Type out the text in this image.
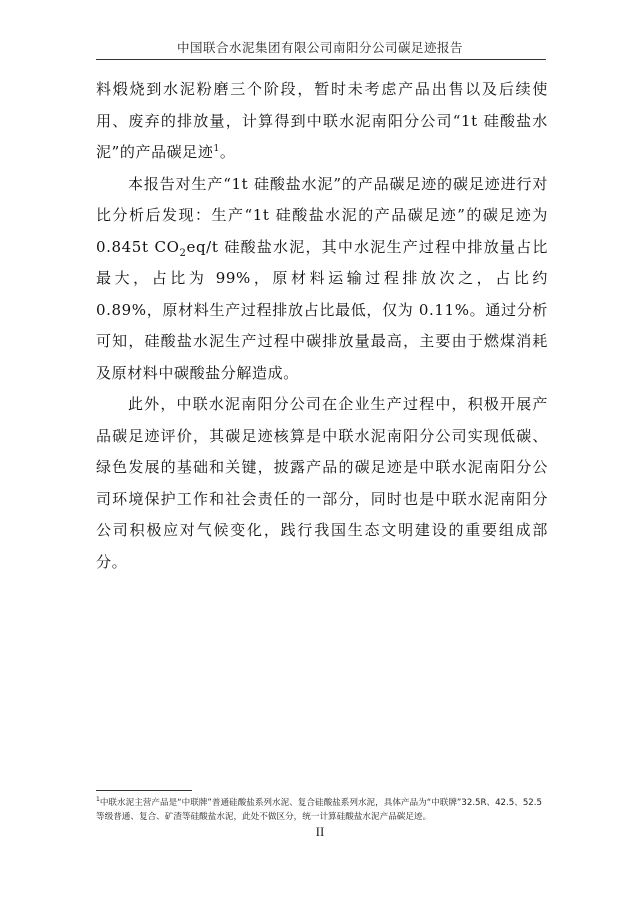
中国联合水泥集团有限公司南阳分公司碳足迹报告

料煅烧到水泥粉磨三个阶段，暂时未考虑产品出售以及后续使用、废弃的排放量，计算得到中联水泥南阳分公司“1t 硅酸盐水泥”的产品碳足迹$^1$。

本报告对生产“1t 硅酸盐水泥”的产品碳足迹的碳足迹进行对比分析后发现：生产“1t 硅酸盐水泥的产品碳足迹”的碳足迹为 0.845t $CO_2eq/t$ 硅酸盐水泥，其中水泥生产过程中排放量占比最大，占比为 99%，原材料运输过程排放次之，占比约 0.89%，原材料生产过程排放占比最低，仅为 0.11%。通过分析可知，硅酸盐水泥生产过程中碳排放量最高，主要由于燃煤消耗及原材料中碳酸盐分解造成。

此外，中联水泥南阳分公司在企业生产过程中，积极开展产品碳足迹评价，其碳足迹核算是中联水泥南阳分公司实现低碳、绿色发展的基础和关键，披露产品的碳足迹是中联水泥南阳分公司环境保护工作和社会责任的一部分，同时也是中联水泥南阳分公司积极应对气候变化，践行我国生态文明建设的重要组成部分。

$^1$中联水泥主营产品是“中联牌”普通硅酸盐系列水泥、复合硅酸盐系列水泥，具体产品为“中联牌”32.5R、42.5、52.5 等级普通、复合、矿渣等硅酸盐水泥，此处不做区分，统一计算硅酸盐水泥产品碳足迹。
II
